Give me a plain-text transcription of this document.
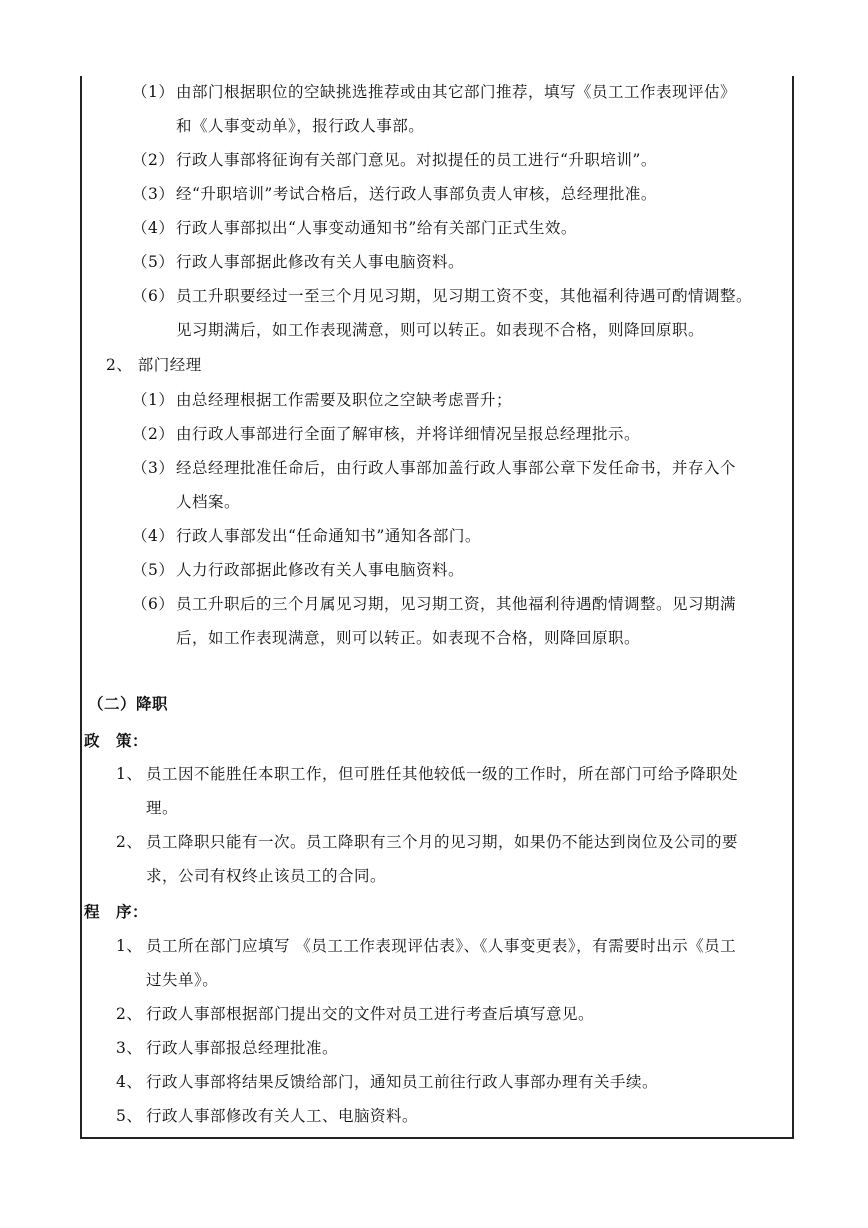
（1） 由部门根据职位的空缺挑选推荐或由其它部门推荐，填写《员工工作表现评估》
和《人事变动单》，报行政人事部。
（2） 行政人事部将征询有关部门意见。对拟提任的员工进行“升职培训”。
（3） 经“升职培训”考试合格后，送行政人事部负责人审核，总经理批准。
（4） 行政人事部拟出“人事变动通知书”给有关部门正式生效。
（5） 行政人事部据此修改有关人事电脑资料。
（6） 员工升职要经过一至三个月见习期，见习期工资不变，其他福利待遇可酌情调整。
见习期满后，如工作表现满意，则可以转正。如表现不合格，则降回原职。
2、 部门经理
（1） 由总经理根据工作需要及职位之空缺考虑晋升；
（2） 由行政人事部进行全面了解审核，并将详细情况呈报总经理批示。
（3） 经总经理批准任命后，由行政人事部加盖行政人事部公章下发任命书，并存入个
人档案。
（4） 行政人事部发出“任命通知书”通知各部门。
（5） 人力行政部据此修改有关人事电脑资料。
（6） 员工升职后的三个月属见习期，见习期工资，其他福利待遇酌情调整。见习期满
后，如工作表现满意，则可以转正。如表现不合格，则降回原职。
（二）降职
政　策：
1、 员工因不能胜任本职工作，但可胜任其他较低一级的工作时，所在部门可给予降职处
理。
2、 员工降职只能有一次。员工降职有三个月的见习期，如果仍不能达到岗位及公司的要
求，公司有权终止该员工的合同。
程　序：
1、 员工所在部门应填写 《员工工作表现评估表》、《人事变更表》，有需要时出示《员工
过失单》。
2、 行政人事部根据部门提出交的文件对员工进行考查后填写意见。
3、 行政人事部报总经理批准。
4、 行政人事部将结果反馈给部门，通知员工前往行政人事部办理有关手续。
5、 行政人事部修改有关人工、电脑资料。
